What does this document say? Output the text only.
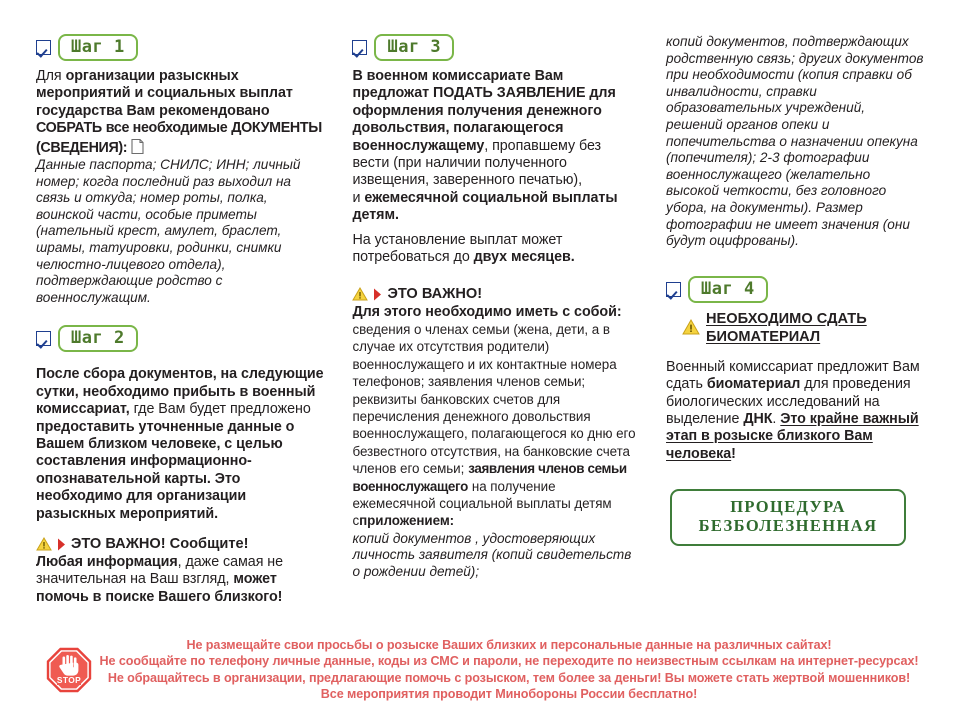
Шаг 1

Для организации разыскных мероприятий и социальных выплат государства Вам рекомендовано СОБРАТЬ все необходимые ДОКУМЕНТЫ (СВЕДЕНИЯ):

Данные паспорта; СНИЛС; ИНН; личный номер; когда последний раз выходил на связь и откуда; номер роты, полка, воинской части, особые приметы (нательный крест, амулет, браслет, шрамы, татуировки, родинки, снимки челюстно-лицевого отдела), подтверждающие родство с военнослужащим.

Шаг 2

После сбора документов, на следующие сутки, необходимо прибыть в военный комиссариат, где Вам будет предложено предоставить уточненные данные о Вашем близком человеке, с целью составления информационно-опознавательной карты. Это необходимо для организации разыскных мероприятий.

ЭТО ВАЖНО! Сообщите!

Любая информация, даже самая не значительная на Ваш взгляд, может помочь в поиске Вашего близкого!

Шаг 3

В военном комиссариате Вам предложат ПОДАТЬ ЗАЯВЛЕНИЕ для оформления получения денежного довольствия, полагающегося военнослужащему, пропавшему без вести (при наличии полученного извещения, заверенного печатью),

и ежемесячной социальной выплаты детям.

На установление выплат может потребоваться до двух месяцев.

ЭТО ВАЖНО!

Для этого необходимо иметь с собой: сведения о членах семьи (жена, дети, а в случае их отсутствия родители) военнослужащего и их контактные номера телефонов; заявления членов семьи; реквизиты банковских счетов для перечисления денежного довольствия военнослужащего, полагающегося ко дню его безвестного отсутствия, на банковские счета членов его семьи; заявления членов семьи военнослужащего на получение ежемесячной социальной выплаты детям сприложением:

копий документов , удостоверяющих личность заявителя (копий свидетельств о рождении детей);

копий документов, подтверждающих родственную связь; других документов при необходимости (копия справки об инвалидности, справки образовательных учреждений, решений органов опеки и попечительства о назначении опекуна (попечителя); 2-3 фотографии военнослужащего (желательно высокой четкости, без головного убора, на документы). Размер фотографии не имеет значения (они будут оцифрованы).

Шаг 4
НЕОБХОДИМО СДАТЬ
БИОМАТЕРИАЛ

Военный комиссариат предложит Вам сдать биоматериал для проведения биологических исследований на выделение ДНК. Это крайне важный этап в розыске близкого Вам человека!

ПРОЦЕДУРА
БЕЗБОЛЕЗНЕННАЯ
STOP
Не размещайте свои просьбы о розыске Ваших близких и персональные данные на различных сайтах!
Не сообщайте по телефону личные данные, коды из СМС и пароли, не переходите по неизвестным ссылкам на интернет-ресурсах!
Не обращайтесь в организации, предлагающие помочь с розыском, тем более за деньги! Вы можете стать жертвой мошенников!
Все мероприятия проводит Минобороны России бесплатно!
